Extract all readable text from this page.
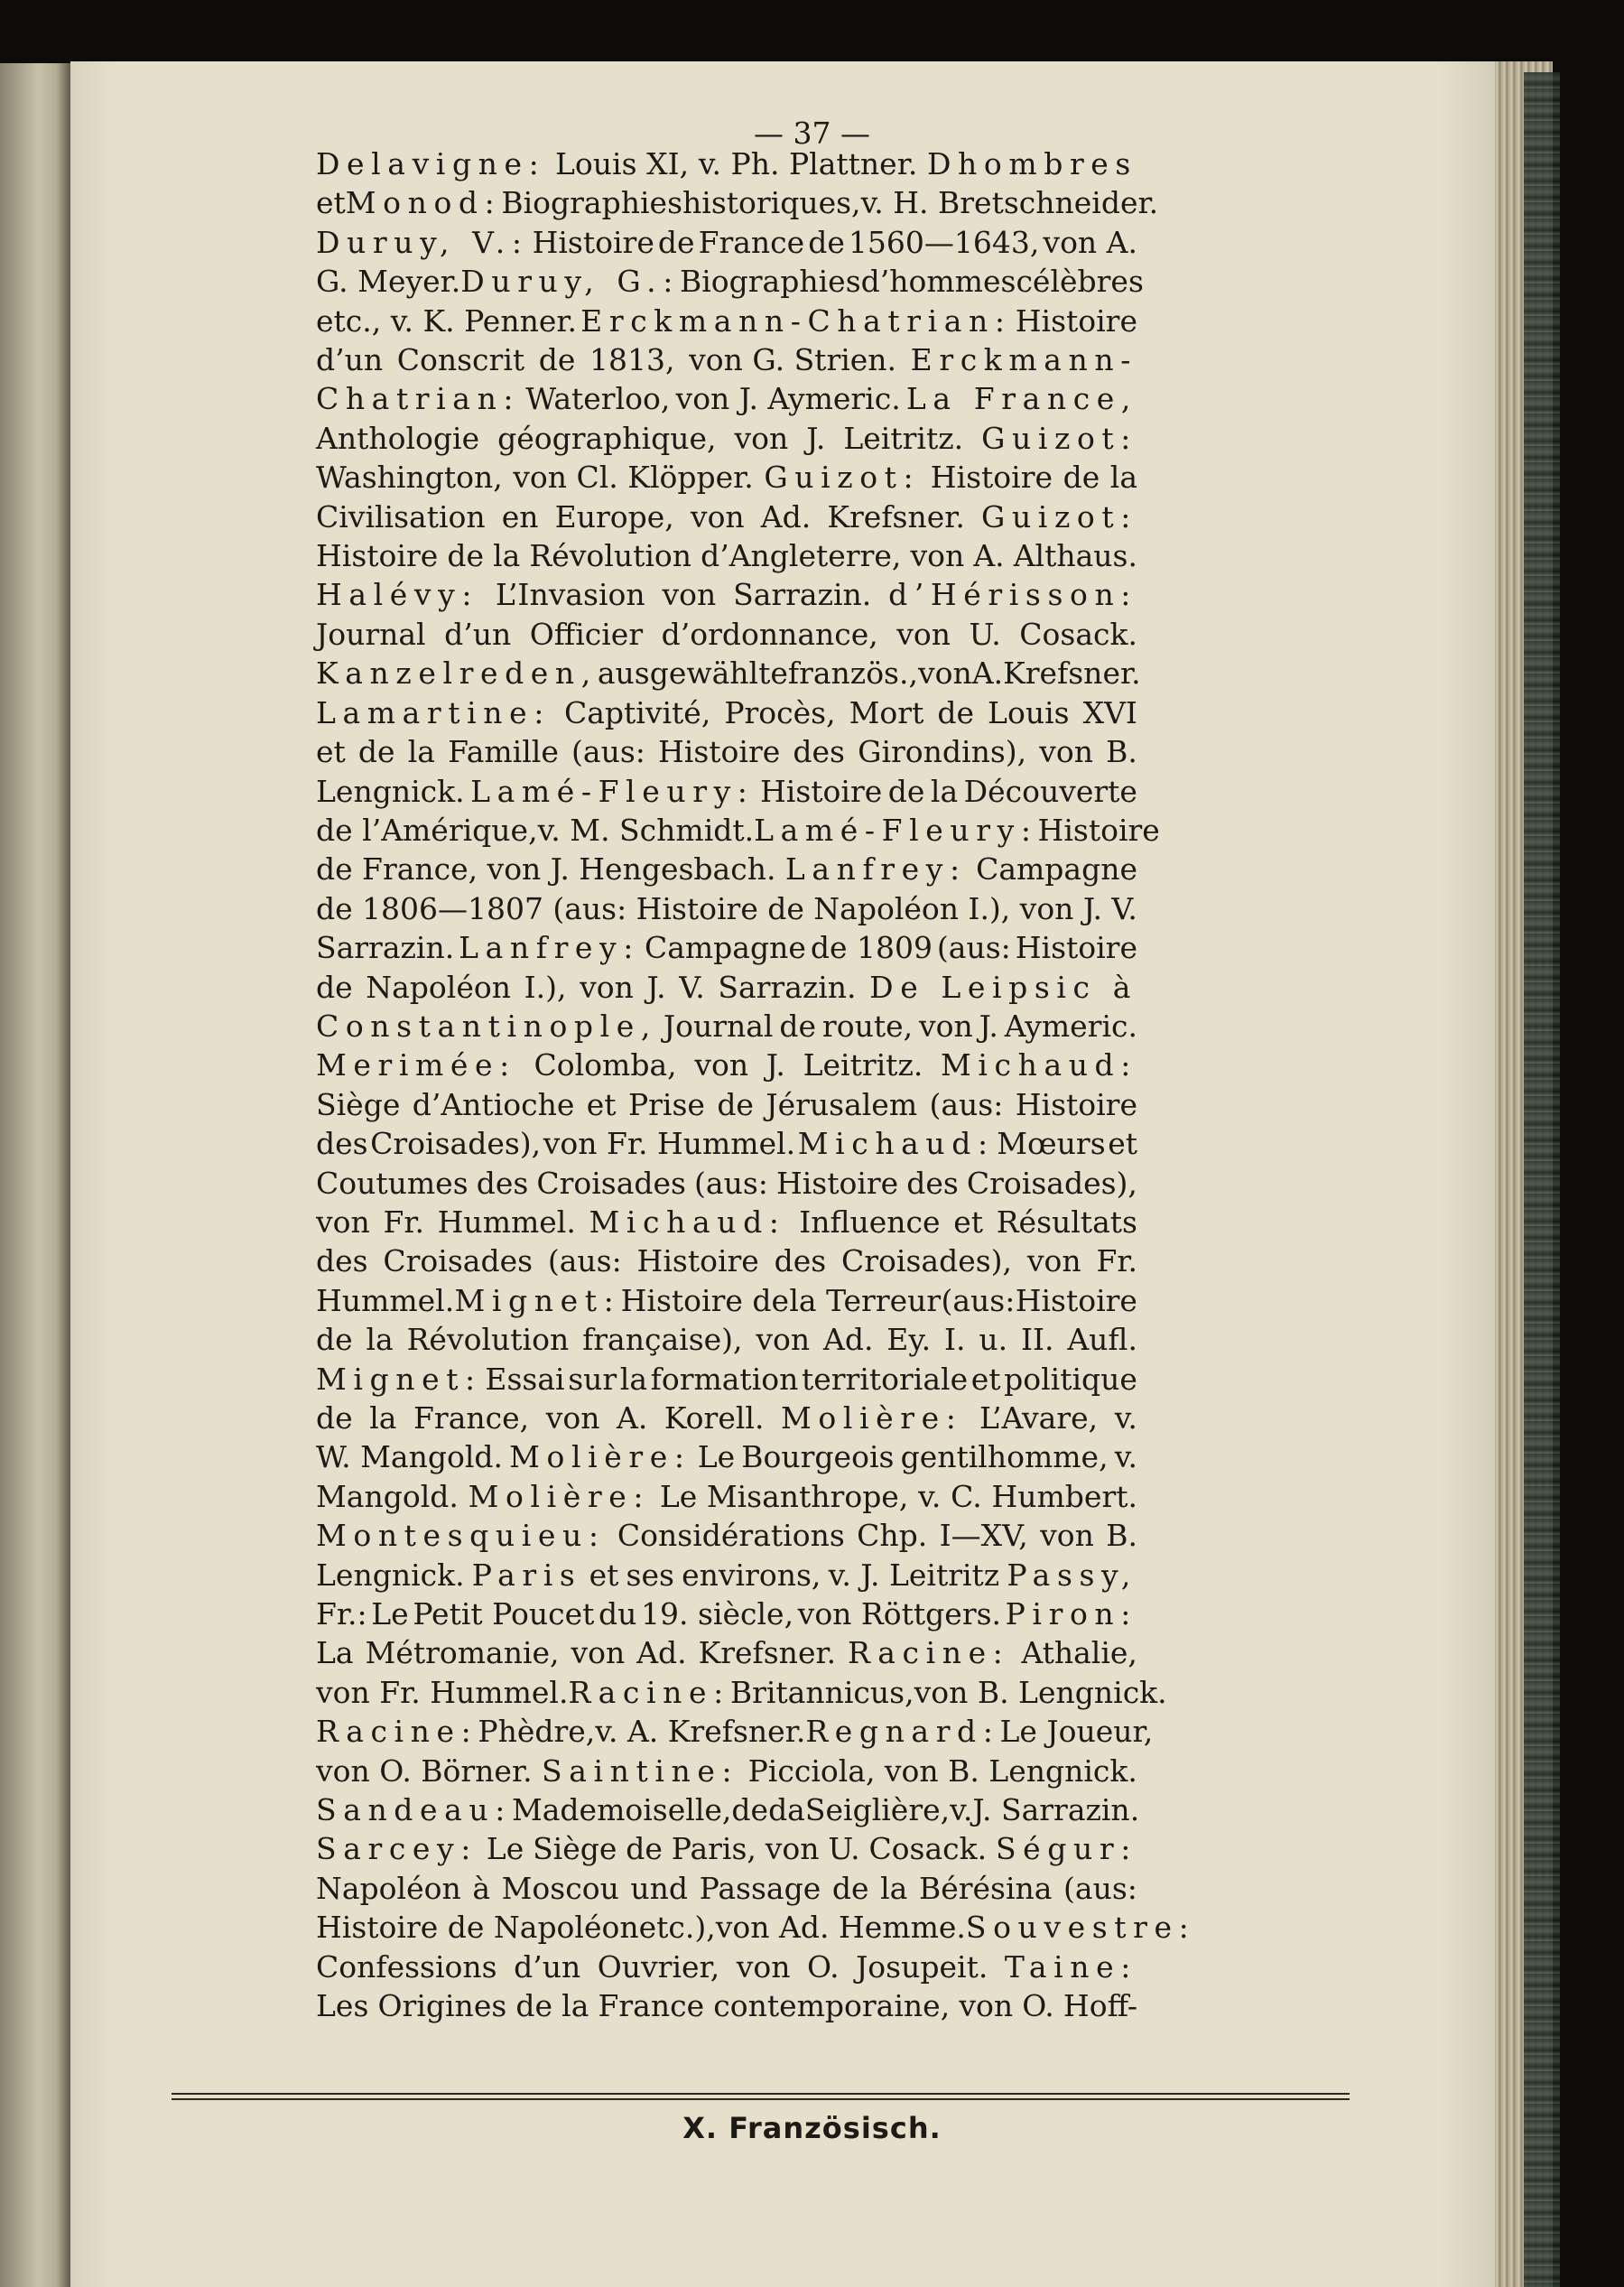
— 37 —
Delavigne: Louis XI, v. Ph. Plattner. Dhombres
et Monod: Biographies historiques, v. H. Bretschneider.
Duruy, V.: Histoire de France de 1560—1643, von A.
G. Meyer. Duruy, G.: Biographies d’hommes célèbres
etc., v. K. Penner. Erckmann-Chatrian: Histoire
d’un Conscrit de 1813, von G. Strien. Erckmann-
Chatrian: Waterloo, von J. Aymeric. La France,
Anthologie géographique, von J. Leitritz. Guizot:
Washington, von Cl. Klöpper. Guizot: Histoire de la
Civilisation en Europe, von Ad. Krefsner. Guizot:
Histoire de la Révolution d’Angleterre, von A. Althaus.
Halévy: L’Invasion von Sarrazin. d’Hérisson:
Journal d’un Officier d’ordonnance, von U. Cosack.
Kanzelreden, ausgewählte französ., von A. Krefsner.
Lamartine: Captivité, Procès, Mort de Louis XVI
et de la Famille (aus: Histoire des Girondins), von B.
Lengnick. Lamé-Fleury: Histoire de la Découverte
de l’Amérique, v. M. Schmidt. Lamé-Fleury: Histoire
de France, von J. Hengesbach. Lanfrey: Campagne
de 1806—1807 (aus: Histoire de Napoléon I.), von J. V.
Sarrazin. Lanfrey: Campagne de 1809 (aus: Histoire
de Napoléon I.), von J. V. Sarrazin. De Leipsic à
Constantinople, Journal de route, von J. Aymeric.
Merimée: Colomba, von J. Leitritz. Michaud:
Siège d’Antioche et Prise de Jérusalem (aus: Histoire
des Croisades), von Fr. Hummel. Michaud: Mœurs et
Coutumes des Croisades (aus: Histoire des Croisades),
von Fr. Hummel. Michaud: Influence et Résultats
des Croisades (aus: Histoire des Croisades), von Fr.
Hummel. Mignet: Histoire de la Terreur (aus: Histoire
de la Révolution française), von Ad. Ey. I. u. II. Aufl.
Mignet: Essai sur la formation territoriale et politique
de la France, von A. Korell. Molière: L’Avare, v.
W. Mangold. Molière: Le Bourgeois gentilhomme, v.
Mangold. Molière: Le Misanthrope, v. C. Humbert.
Montesquieu: Considérations Chp. I—XV, von B.
Lengnick. Paris et ses environs, v. J. Leitritz Passy,
Fr.: Le Petit Poucet du 19. siècle, von Röttgers. Piron:
La Métromanie, von Ad. Krefsner. Racine: Athalie,
von Fr. Hummel. Racine: Britannicus, von B. Lengnick.
Racine: Phèdre, v. A. Krefsner. Regnard: Le Joueur,
von O. Börner. Saintine: Picciola, von B. Lengnick.
Sandeau: Mademoiselle, de da Seiglière, v. J. Sarrazin.
Sarcey: Le Siège de Paris, von U. Cosack. Ségur:
Napoléon à Moscou und Passage de la Bérésina (aus:
Histoire de Napoléon etc.), von Ad. Hemme. Souvestre:
Confessions d’un Ouvrier, von O. Josupeit. Taine:
Les Origines de la France contemporaine, von O. Hoff-
X. Französisch.
